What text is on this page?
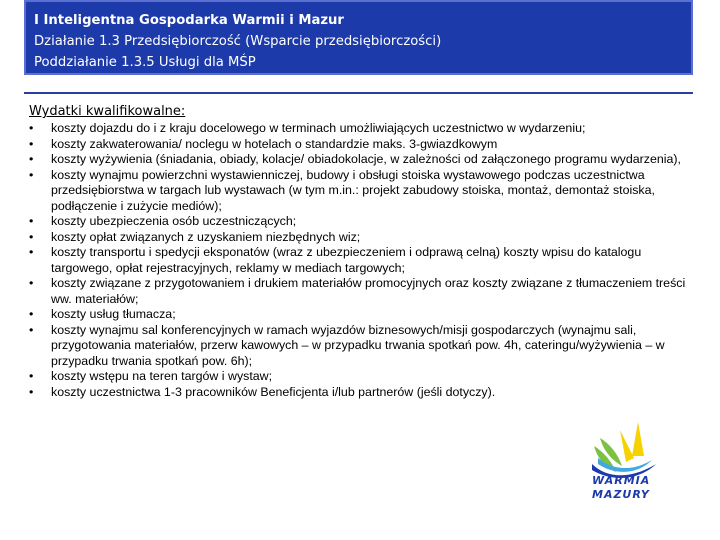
I Inteligentna Gospodarka Warmii i Mazur
Działanie 1.3 Przedsiębiorczość (Wsparcie przedsiębiorczości)
Poddziałanie 1.3.5 Usługi dla MŚP
Wydatki kwalifikowalne:
• koszty dojazdu do i z kraju docelowego w terminach umożliwiających uczestnictwo w wydarzeniu;
• koszty zakwaterowania/ noclegu w hotelach o standardzie maks. 3-gwiazdkowym
• koszty wyżywienia (śniadania, obiady, kolacje/ obiadokolacje, w zależności od załączonego programu wydarzenia),
• koszty wynajmu powierzchni wystawienniczej, budowy i obsługi stoiska wystawowego podczas uczestnictwa przedsiębiorstwa w targach lub wystawach (w tym m.in.: projekt zabudowy stoiska, montaż, demontaż stoiska, podłączenie i zużycie mediów);
• koszty ubezpieczenia osób uczestniczących;
• koszty opłat związanych z uzyskaniem niezbędnych wiz;
• koszty transportu i spedycji eksponatów (wraz z ubezpieczeniem i odprawą celną) koszty wpisu do katalogu targowego, opłat rejestracyjnych, reklamy w mediach targowych;
• koszty związane z przygotowaniem i drukiem materiałów promocyjnych oraz koszty związane z tłumaczeniem treści ww. materiałów;
• koszty usług tłumacza;
• koszty wynajmu sal konferencyjnych w ramach wyjazdów biznesowych/misji gospodarczych (wynajmu sali, przygotowania materiałów, przerw kawowych – w przypadku trwania spotkań pow. 4h, cateringu/wyżywienia – w przypadku trwania spotkań pow. 6h);
• koszty wstępu na teren targów i wystaw;
• koszty uczestnictwa 1-3 pracowników Beneficjenta i/lub partnerów (jeśli dotyczy).
WARMIA
MAZURY
